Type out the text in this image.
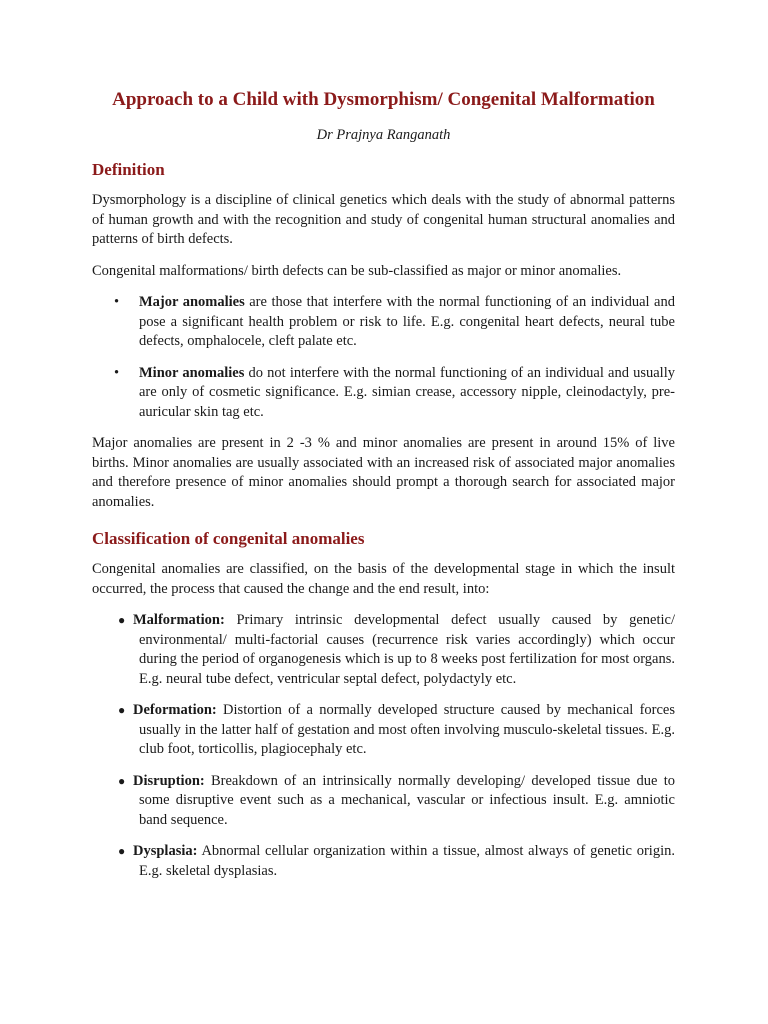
Approach to a Child with Dysmorphism/ Congenital Malformation
Dr Prajnya Ranganath
Definition

Dysmorphology is a discipline of clinical genetics which deals with the study of abnormal patterns of human growth and with the recognition and study of congenital human structural anomalies and patterns of birth defects.

Congenital malformations/ birth defects can be sub-classified as major or minor anomalies.

• Major anomalies are those that interfere with the normal functioning of an individual and pose a significant health problem or risk to life. E.g. congenital heart defects, neural tube defects, omphalocele, cleft palate etc.
• Minor anomalies do not interfere with the normal functioning of an individual and usually are only of cosmetic significance. E.g. simian crease, accessory nipple, cleinodactyly, pre-auricular skin tag etc.

Major anomalies are present in 2 -3 % and minor anomalies are present in around 15% of live births. Minor anomalies are usually associated with an increased risk of associated major anomalies and therefore presence of minor anomalies should prompt a thorough search for associated major anomalies.

Classification of congenital anomalies

Congenital anomalies are classified, on the basis of the developmental stage in which the insult occurred, the process that caused the change and the end result, into:

● Malformation: Primary intrinsic developmental defect usually caused by genetic/ environmental/ multi-factorial causes (recurrence risk varies accordingly) which occur during the period of organogenesis which is up to 8 weeks post fertilization for most organs. E.g. neural tube defect, ventricular septal defect, polydactyly etc.
● Deformation: Distortion of a normally developed structure caused by mechanical forces usually in the latter half of gestation and most often involving musculo-skeletal tissues. E.g. club foot, torticollis, plagiocephaly etc.
● Disruption: Breakdown of an intrinsically normally developing/ developed tissue due to some disruptive event such as a mechanical, vascular or infectious insult. E.g. amniotic band sequence.
● Dysplasia: Abnormal cellular organization within a tissue, almost always of genetic origin. E.g. skeletal dysplasias.
